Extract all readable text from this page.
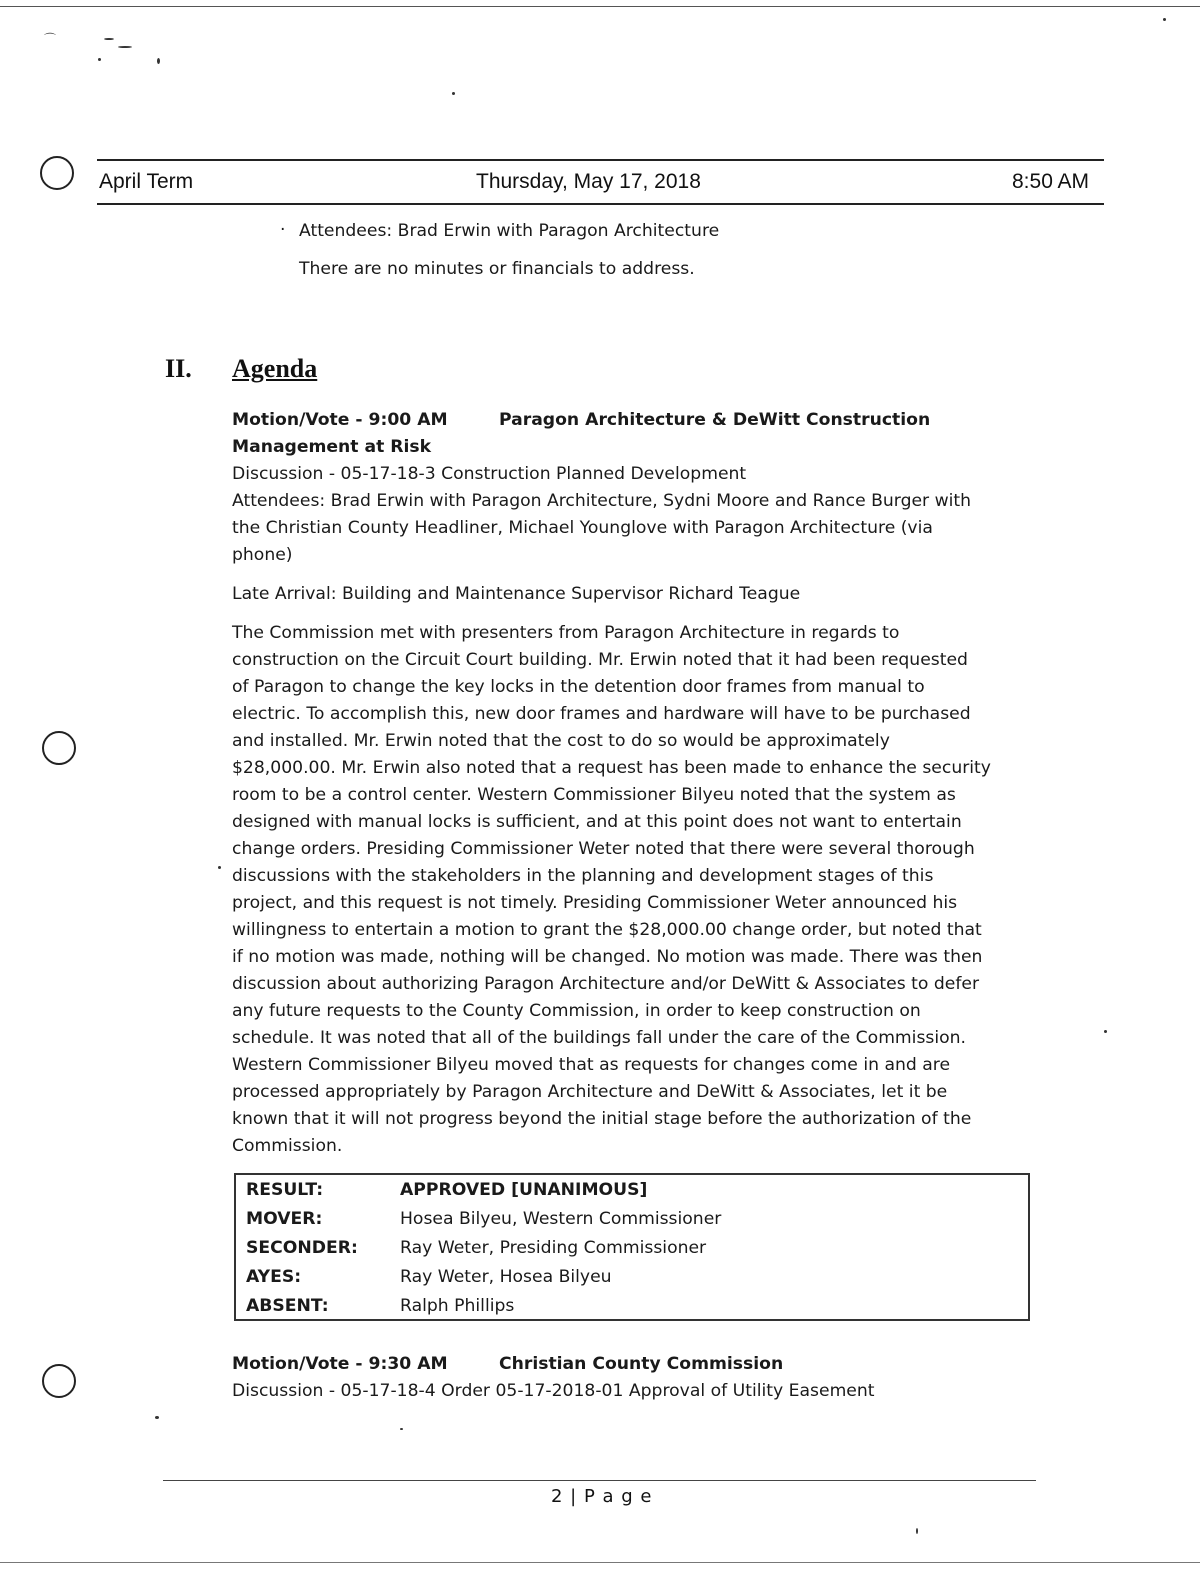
⌒
April Term	Thursday, May 17, 2018	8:50 AM
· Attendees: Brad Erwin with Paragon Architecture
There are no minutes or financials to address.
II. Agenda
Motion/Vote - 9:00 AM	Paragon Architecture & DeWitt Construction
Management at Risk
Discussion - 05-17-18-3 Construction Planned Development
Attendees: Brad Erwin with Paragon Architecture, Sydni Moore and Rance Burger with
the Christian County Headliner, Michael Younglove with Paragon Architecture (via
phone)
Late Arrival: Building and Maintenance Supervisor Richard Teague
The Commission met with presenters from Paragon Architecture in regards to
construction on the Circuit Court building. Mr. Erwin noted that it had been requested
of Paragon to change the key locks in the detention door frames from manual to
electric. To accomplish this, new door frames and hardware will have to be purchased
and installed. Mr. Erwin noted that the cost to do so would be approximately
$28,000.00. Mr. Erwin also noted that a request has been made to enhance the security
room to be a control center. Western Commissioner Bilyeu noted that the system as
designed with manual locks is sufficient, and at this point does not want to entertain
change orders. Presiding Commissioner Weter noted that there were several thorough
discussions with the stakeholders in the planning and development stages of this
project, and this request is not timely. Presiding Commissioner Weter announced his
willingness to entertain a motion to grant the $28,000.00 change order, but noted that
if no motion was made, nothing will be changed. No motion was made. There was then
discussion about authorizing Paragon Architecture and/or DeWitt & Associates to defer
any future requests to the County Commission, in order to keep construction on
schedule. It was noted that all of the buildings fall under the care of the Commission.
Western Commissioner Bilyeu moved that as requests for changes come in and are
processed appropriately by Paragon Architecture and DeWitt & Associates, let it be
known that it will not progress beyond the initial stage before the authorization of the
Commission.
RESULT:	APPROVED [UNANIMOUS]
MOVER:	Hosea Bilyeu, Western Commissioner
SECONDER: Ray Weter, Presiding Commissioner
AYES:	Ray Weter, Hosea Bilyeu
ABSENT:	Ralph Phillips
Motion/Vote - 9:30 AM	Christian County Commission
Discussion - 05-17-18-4 Order 05-17-2018-01 Approval of Utility Easement
2 | P a g e
